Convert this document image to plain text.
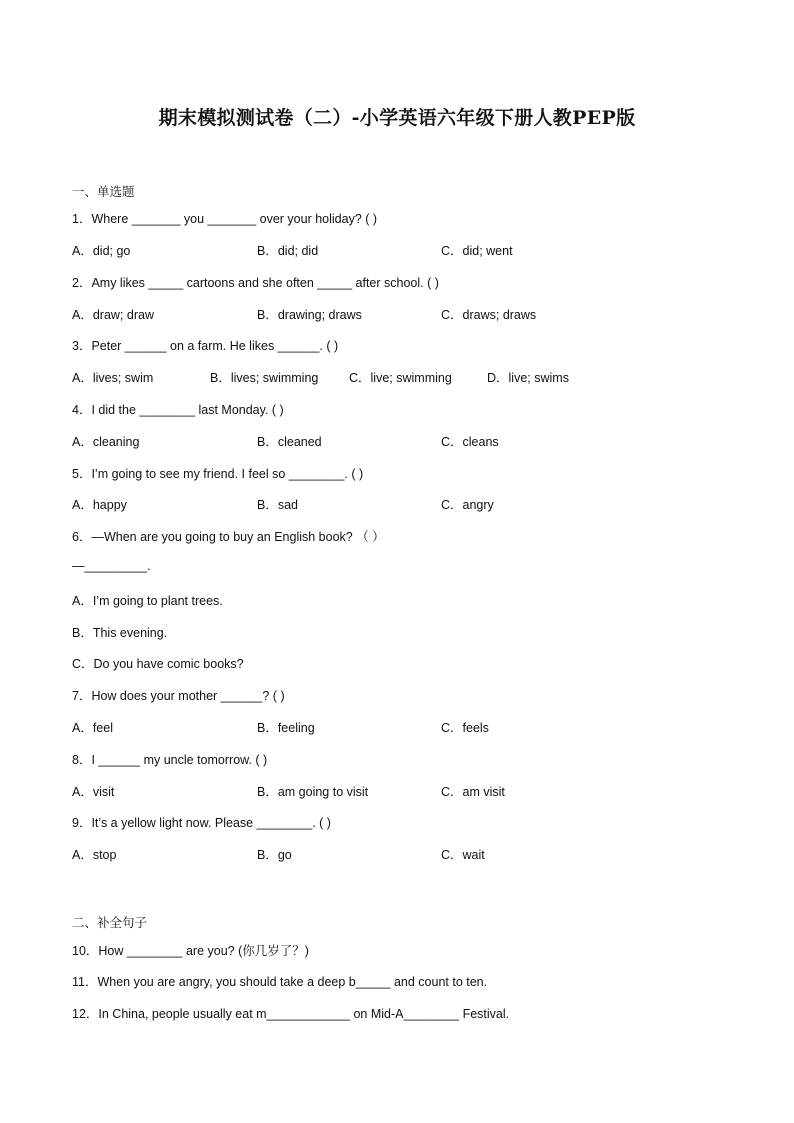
期末模拟测试卷（二）-小学英语六年级下册人教PEP版
一、单选题
1．Where _______ you _______ over your holiday? ( )
A．did; go	B．did; did	C．did; went
2．Amy likes _____ cartoons and she often _____ after school. ( )
A．draw; draw	B．drawing; draws	C．draws; draws
3．Peter ______ on a farm. He likes ______. ( )
A．lives; swim	B．lives; swimming C．live; swimming	D．live; swims
4．I did the ________ last Monday. ( )
A．cleaning	B．cleaned	C．cleans
5．I’m going to see my friend. I feel so ________. ( )
A．happy	B．sad	C．angry
6．—When are you going to buy an English book? （ ）
—_________.
A．I’m going to plant trees.
B．This evening.
C．Do you have comic books?
7．How does your mother ______? ( )
A．feel	B．feeling	C．feels
8．I ______ my uncle tomorrow. ( )
A．visit	B．am going to visit	C．am visit
9．It’s a yellow light now. Please ________. ( )
A．stop	B．go	C．wait
二、补全句子
10．How ________ are you? (你几岁了？)
11．When you are angry, you should take a deep b_____ and count to ten.
12．In China, people usually eat m____________ on Mid-A________ Festival.
